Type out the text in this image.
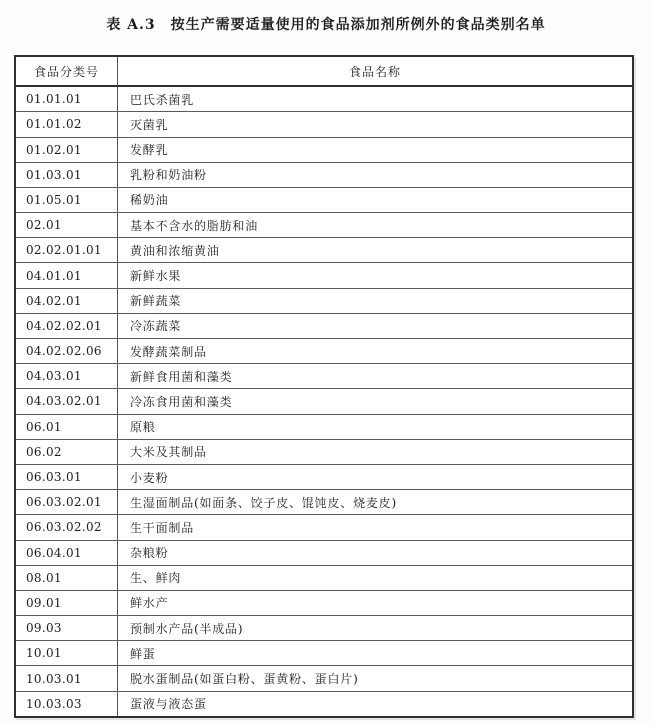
表 A.3　按生产需要适量使用的食品添加剂所例外的食品类别名单
食品分类号	食品名称
01.01.01	巴氏杀菌乳
01.01.02	灭菌乳
01.02.01	发酵乳
01.03.01	乳粉和奶油粉
01.05.01	稀奶油
02.01	基本不含水的脂肪和油
02.02.01.01	黄油和浓缩黄油
04.01.01	新鲜水果
04.02.01	新鲜蔬菜
04.02.02.01	冷冻蔬菜
04.02.02.06	发酵蔬菜制品
04.03.01	新鲜食用菌和藻类
04.03.02.01	冷冻食用菌和藻类
06.01	原粮
06.02	大米及其制品
06.03.01	小麦粉
06.03.02.01	生湿面制品(如面条、饺子皮、馄饨皮、烧麦皮)
06.03.02.02	生干面制品
06.04.01	杂粮粉
08.01	生、鲜肉
09.01	鲜水产
09.03	预制水产品(半成品)
10.01	鲜蛋
10.03.01	脱水蛋制品(如蛋白粉、蛋黄粉、蛋白片)
10.03.03	蛋液与液态蛋
